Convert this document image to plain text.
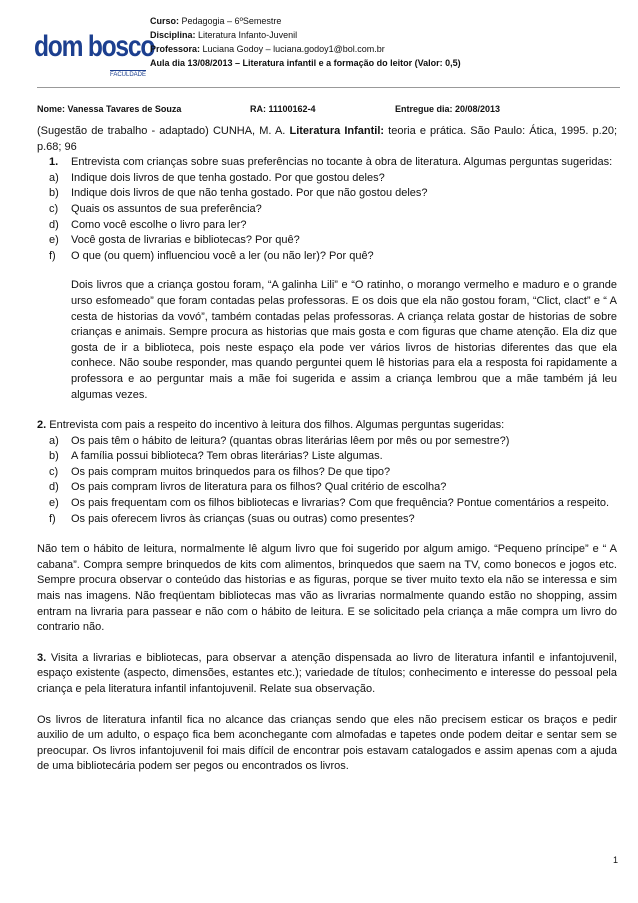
dom bosco
FACULDADE
Curso: Pedagogia – 6ºSemestre
Disciplina: Literatura Infanto-Juvenil
Professora: Luciana Godoy – luciana.godoy1@bol.com.br
Aula dia 13/08/2013 – Literatura infantil e a formação do leitor (Valor: 0,5)
Nome: Vanessa Tavares de Souza	RA: 11100162-4	Entregue dia: 20/08/2013

(Sugestão de trabalho - adaptado) CUNHA, M. A. Literatura Infantil: teoria e prática. São Paulo: Ática, 1995. p.20; p.68; 96

1. Entrevista com crianças sobre suas preferências no tocante à obra de literatura. Algumas perguntas sugeridas:
a)	Indique dois livros de que tenha gostado. Por que gostou deles?
b)	Indique dois livros de que não tenha gostado. Por que não gostou deles?
c)	Quais os assuntos de sua preferência?
d)	Como você escolhe o livro para ler?
e)	Você gosta de livrarias e bibliotecas? Por quê?
f)	O que (ou quem) influenciou você a ler (ou não ler)? Por quê?

Dois livros que a criança gostou foram, “A galinha Lili” e “O ratinho, o morango vermelho e maduro e o grande urso esfomeado” que foram contadas pelas professoras. E os dois que ela não gostou foram, “Clict, clact” e “ A cesta de historias da vovó”, também contadas pelas professoras. A criança relata gostar de historias de sobre crianças e animais. Sempre procura as historias que mais gosta e com figuras que chame atenção. Ela diz que gosta de ir a biblioteca, pois neste espaço ela pode ver vários livros de historias diferentes das que ela conhece. Não soube responder, mas quando perguntei quem lê historias para ela a resposta foi rapidamente a professora e ao perguntar mais a mãe foi sugerida e assim a criança lembrou que a mãe também já leu algumas vezes.

2. Entrevista com pais a respeito do incentivo à leitura dos filhos. Algumas perguntas sugeridas:

a)	Os pais têm o hábito de leitura? (quantas obras literárias lêem por mês ou por semestre?)
b)	A família possui biblioteca? Tem obras literárias? Liste algumas.
c)	Os pais compram muitos brinquedos para os filhos? De que tipo?
d)	Os pais compram livros de literatura para os filhos? Qual critério de escolha?
e)	Os pais frequentam com os filhos bibliotecas e livrarias? Com que frequência? Pontue comentários a respeito.
f)	Os pais oferecem livros às crianças (suas ou outras) como presentes?

Não tem o hábito de leitura, normalmente lê algum livro que foi sugerido por algum amigo. “Pequeno príncipe” e “ A cabana”. Compra sempre brinquedos de kits com alimentos, brinquedos que saem na TV, como bonecos e jogos etc. Sempre procura observar o conteúdo das historias e as figuras, porque se tiver muito texto ela não se interessa e sim mais nas imagens. Não freqüentam bibliotecas mas vão as livrarias normalmente quando estão no shopping, assim entram na livraria para passear e não com o hábito de leitura. E se solicitado pela criança a mãe compra um livro do contrario não.

3. Visita a livrarias e bibliotecas, para observar a atenção dispensada ao livro de literatura infantil e infantojuvenil, espaço existente (aspecto, dimensões, estantes etc.); variedade de títulos; conhecimento e interesse do pessoal pela criança e pela literatura infantil infantojuvenil. Relate sua observação.

Os livros de literatura infantil fica no alcance das crianças sendo que eles não precisem esticar os braços e pedir auxilio de um adulto, o espaço fica bem aconchegante com almofadas e tapetes onde podem deitar e sentar sem se preocupar. Os livros infantojuvenil foi mais difícil de encontrar pois estavam catalogados e assim apenas com a ajuda de uma bibliotecária podem ser pegos ou encontrados os livros.

1
